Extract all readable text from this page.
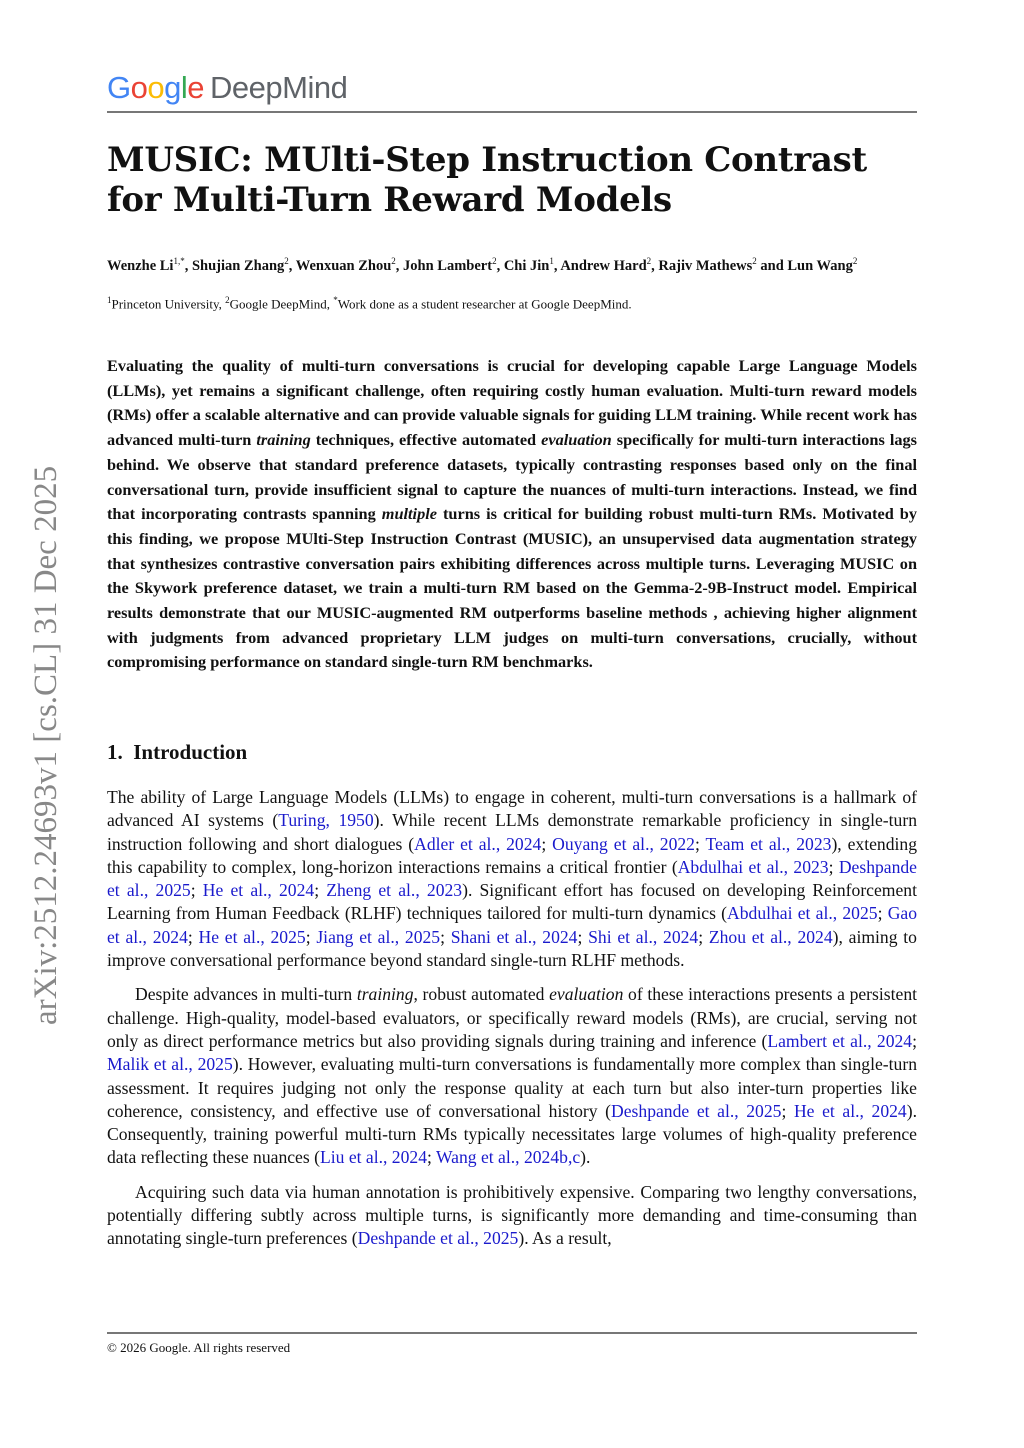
Google DeepMind
arXiv:2512.24693v1 [cs.CL] 31 Dec 2025
MUSIC: MUlti-Step Instruction Contrast for Multi-Turn Reward Models
Wenzhe $Li^{1,*}$, Shujian Zhang$^2$, Wenxuan Zhou$^2$, John Lambert$^2$, Chi Jin$^1$, Andrew Hard$^2$, Rajiv Mathews$^2$ and Lun Wang$^2$
$^1$Princeton University, $^2$Google DeepMind, *Work done as a student researcher at Google DeepMind.
Evaluating the quality of multi-turn conversations is crucial for developing capable Large Language Models (LLMs), yet remains a significant challenge, often requiring costly human evaluation. Multi-turn reward models (RMs) offer a scalable alternative and can provide valuable signals for guiding LLM training. While recent work has advanced multi-turn training techniques, effective automated evaluation specifically for multi-turn interactions lags behind. We observe that standard preference datasets, typically contrasting responses based only on the final conversational turn, provide insufficient signal to capture the nuances of multi-turn interactions. Instead, we find that incorporating contrasts spanning multiple turns is critical for building robust multi-turn RMs. Motivated by this finding, we propose MUlti-Step Instruction Contrast (MUSIC), an unsupervised data augmentation strategy that synthesizes contrastive conversation pairs exhibiting differences across multiple turns. Leveraging MUSIC on the Skywork preference dataset, we train a multi-turn RM based on the Gemma-2-9B-Instruct model. Empirical results demonstrate that our MUSIC-augmented RM outperforms baseline methods , achieving higher alignment with judgments from advanced proprietary LLM judges on multi-turn conversations, crucially, without compromising performance on standard single-turn RM benchmarks.
1. Introduction

The ability of Large Language Models (LLMs) to engage in coherent, multi-turn conversations is a hallmark of advanced AI systems (Turing, 1950). While recent LLMs demonstrate remarkable proficiency in single-turn instruction following and short dialogues (Adler et al., 2024; Ouyang et al., 2022; Team et al., 2023), extending this capability to complex, long-horizon interactions remains a critical frontier (Abdulhai et al., 2023; Deshpande et al., 2025; He et al., 2024; Zheng et al., 2023). Significant effort has focused on developing Reinforcement Learning from Human Feedback (RLHF) techniques tailored for multi-turn dynamics (Abdulhai et al., 2025; Gao et al., 2024; He et al., 2025; Jiang et al., 2025; Shani et al., 2024; Shi et al., 2024; Zhou et al., 2024), aiming to improve conversational performance beyond standard single-turn RLHF methods.

Despite advances in multi-turn training, robust automated evaluation of these interactions presents a persistent challenge. High-quality, model-based evaluators, or specifically reward models (RMs), are crucial, serving not only as direct performance metrics but also providing signals during training and inference (Lambert et al., 2024; Malik et al., 2025). However, evaluating multi-turn conversations is fundamentally more complex than single-turn assessment. It requires judging not only the response quality at each turn but also inter-turn properties like coherence, consistency, and effective use of conversational history (Deshpande et al., 2025; He et al., 2024). Consequently, training powerful multi-turn RMs typically necessitates large volumes of high-quality preference data reflecting these nuances (Liu et al., 2024; Wang et al., 2024b,c).

Acquiring such data via human annotation is prohibitively expensive. Comparing two lengthy conversations, potentially differing subtly across multiple turns, is significantly more demanding and time-consuming than annotating single-turn preferences (Deshpande et al., 2025). As a result,

© 2026 Google. All rights reserved
